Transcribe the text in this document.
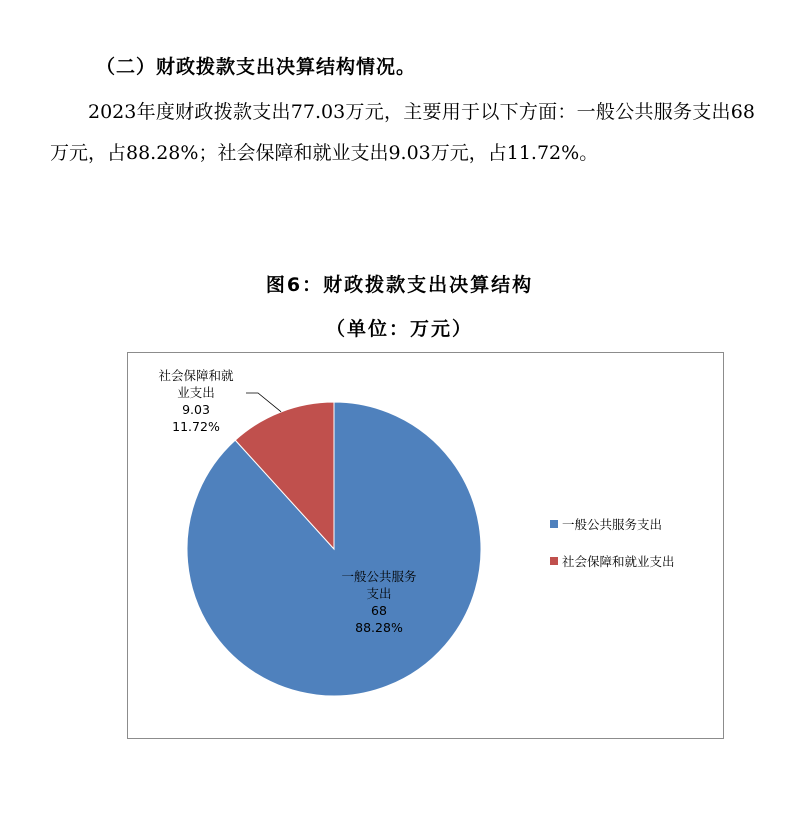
（二）财政拨款支出决算结构情况。

2023年度财政拨款支出77.03万元，主要用于以下方面：一般公共服务支出68万元，占88.28%；社会保障和就业支出9.03万元，占11.72%。

图6：财政拨款支出决算结构
（单位：万元）
一般公共服务支出 68 88.28%
社会保障和就业支出 9.03 11.72%
一般公共服务支出
社会保障和就业支出
